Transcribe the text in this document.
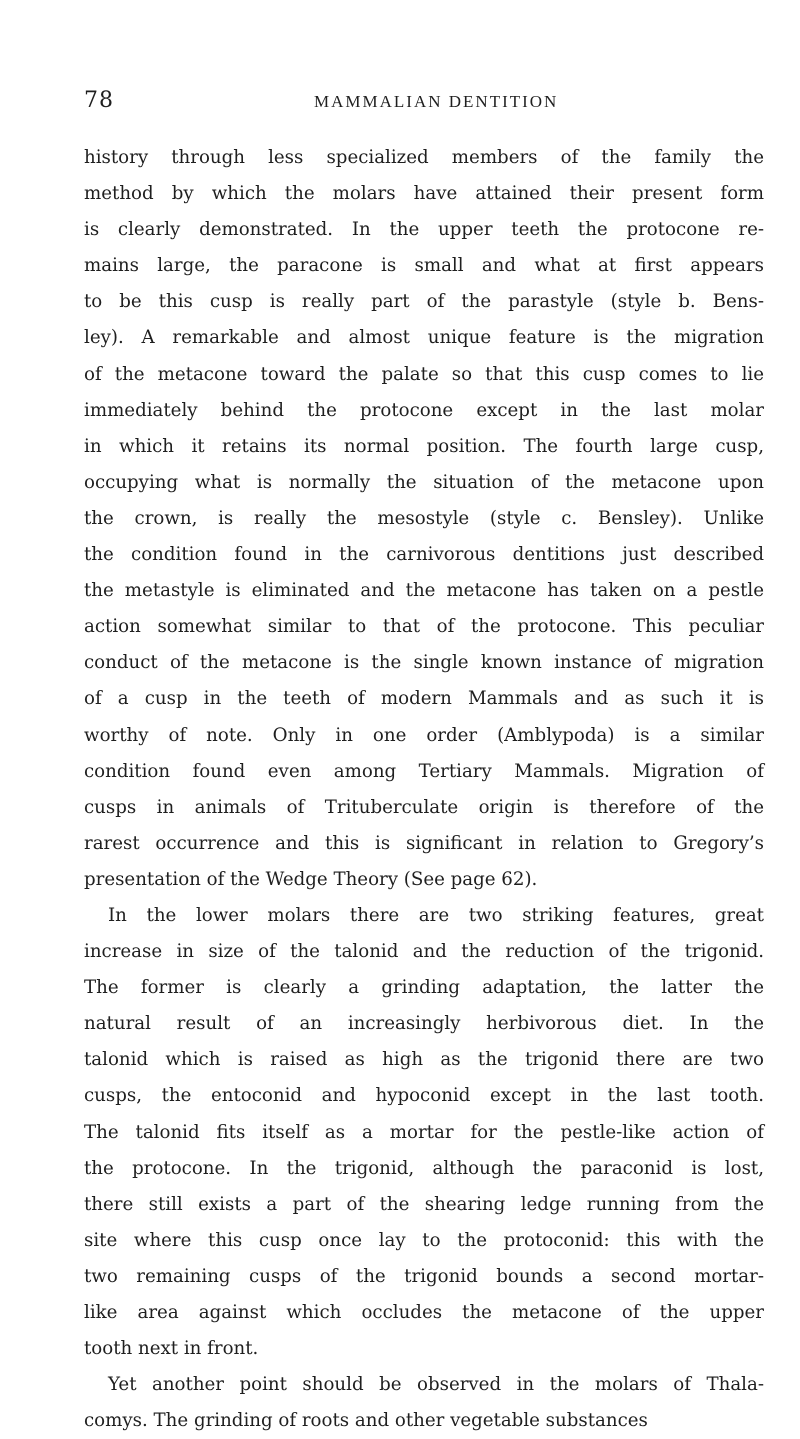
78	MAMMALIAN DENTITION
history through less specialized members of the family the
method by which the molars have attained their present form
is clearly demonstrated. In the upper teeth the protocone re-
mains large, the paracone is small and what at first appears
to be this cusp is really part of the parastyle (style b. Bens-
ley). A remarkable and almost unique feature is the migration
of the metacone toward the palate so that this cusp comes to lie
immediately behind the protocone except in the last molar
in which it retains its normal position. The fourth large cusp,
occupying what is normally the situation of the metacone upon
the crown, is really the mesostyle (style c. Bensley). Unlike
the condition found in the carnivorous dentitions just described
the metastyle is eliminated and the metacone has taken on a pestle
action somewhat similar to that of the protocone. This peculiar
conduct of the metacone is the single known instance of migration
of a cusp in the teeth of modern Mammals and as such it is
worthy of note. Only in one order (Amblypoda) is a similar
condition found even among Tertiary Mammals. Migration of
cusps in animals of Trituberculate origin is therefore of the
rarest occurrence and this is significant in relation to Gregory’s
presentation of the Wedge Theory (See page 62).
In the lower molars there are two striking features, great
increase in size of the talonid and the reduction of the trigonid.
The former is clearly a grinding adaptation, the latter the
natural result of an increasingly herbivorous diet. In the
talonid which is raised as high as the trigonid there are two
cusps, the entoconid and hypoconid except in the last tooth.
The talonid fits itself as a mortar for the pestle-like action of
the protocone. In the trigonid, although the paraconid is lost,
there still exists a part of the shearing ledge running from the
site where this cusp once lay to the protoconid: this with the
two remaining cusps of the trigonid bounds a second mortar-
like area against which occludes the metacone of the upper
tooth next in front.
Yet another point should be observed in the molars of Thala-
comys. The grinding of roots and other vegetable substances
